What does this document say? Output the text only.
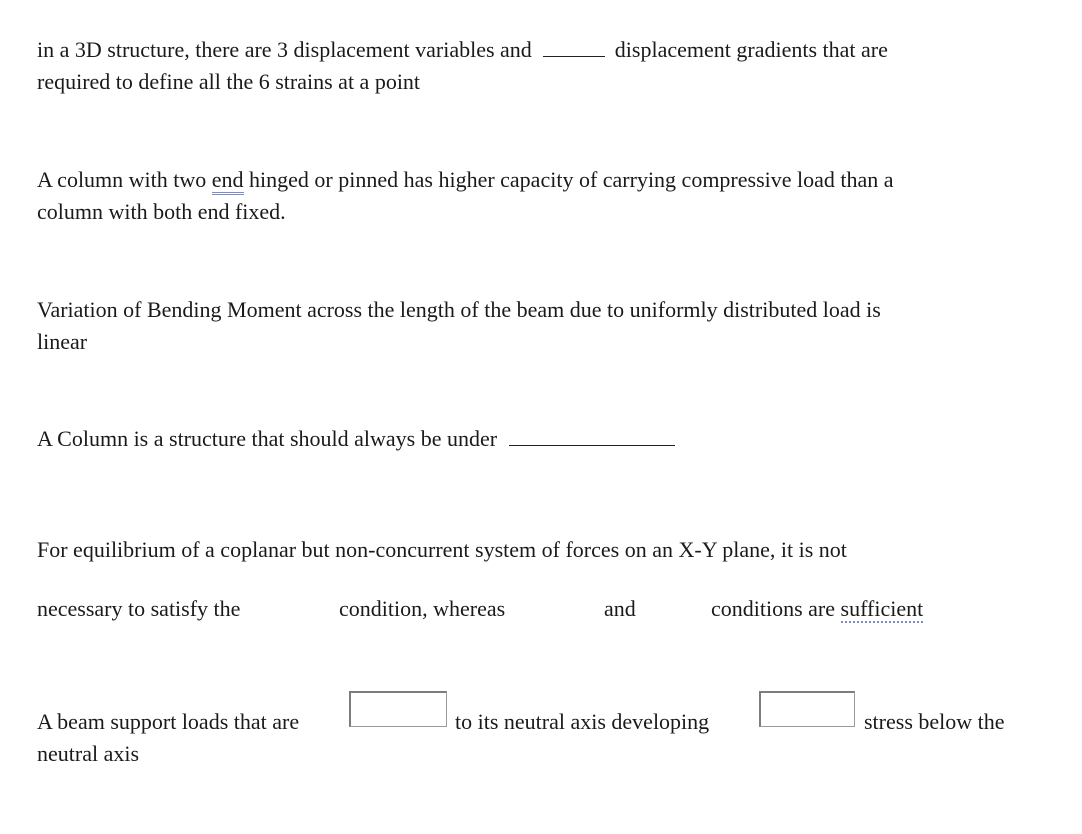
in a 3D structure, there are 3 displacement variables and	displacement gradients that are
required to define all the 6 strains at a point
A column with two end hinged or pinned has higher capacity of carrying compressive load than a
column with both end fixed.
Variation of Bending Moment across the length of the beam due to uniformly distributed load is
linear
A Column is a structure that should always be under
For equilibrium of a coplanar but non-concurrent system of forces on an X-Y plane, it is not
necessary to satisfy the	condition, whereas	and	conditions are sufficient
A beam support loads that are	to its neutral axis developing	stress below the
neutral axis
